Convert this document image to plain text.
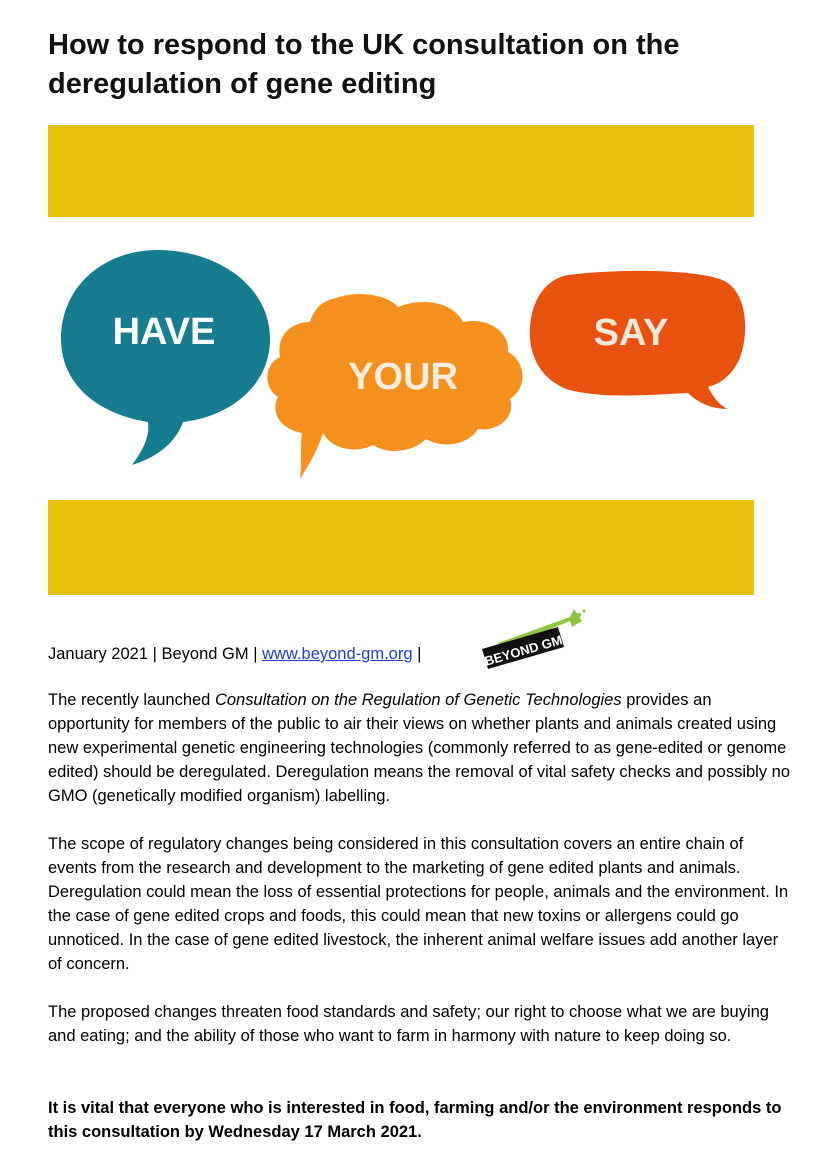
How to respond to the UK consultation on the deregulation of gene editing
HAVE
YOUR
SAY
January 2021 | Beyond GM | www.beyond-gm.org |	BEYOND GM

The recently launched Consultation on the Regulation of Genetic Technologies provides an opportunity for members of the public to air their views on whether plants and animals created using new experimental genetic engineering technologies (commonly referred to as gene-edited or genome edited) should be deregulated. Deregulation means the removal of vital safety checks and possibly no GMO (genetically modified organism) labelling.

The scope of regulatory changes being considered in this consultation covers an entire chain of events from the research and development to the marketing of gene edited plants and animals. Deregulation could mean the loss of essential protections for people, animals and the environment. In the case of gene edited crops and foods, this could mean that new toxins or allergens could go unnoticed. In the case of gene edited livestock, the inherent animal welfare issues add another layer of concern.

The proposed changes threaten food standards and safety; our right to choose what we are buying and eating; and the ability of those who want to farm in harmony with nature to keep doing so.

It is vital that everyone who is interested in food, farming and/or the environment responds to this consultation by Wednesday 17 March 2021.
